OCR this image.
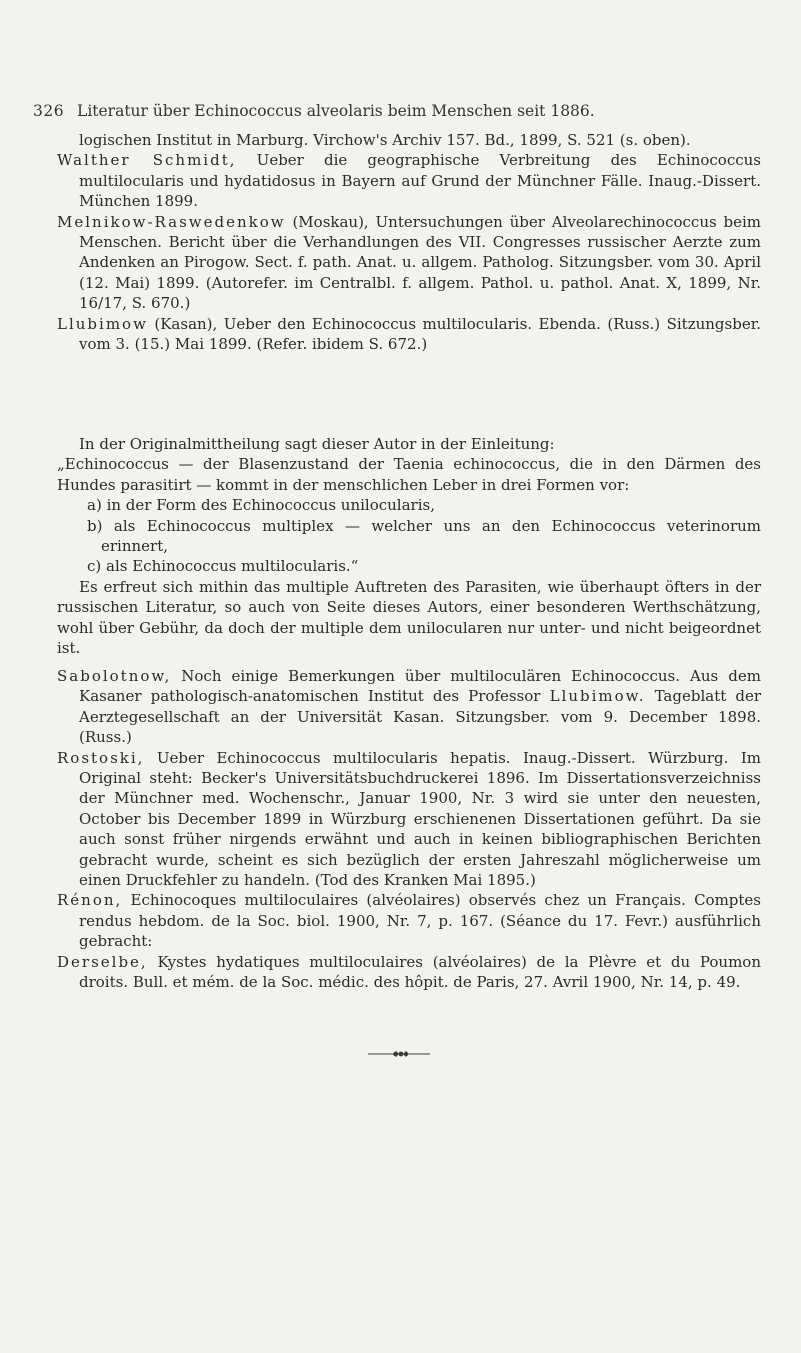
326 Literatur über Echinococcus alveolaris beim Menschen seit 1886.

logischen Institut in Marburg. Virchow's Archiv 157. Bd., 1899, S. 521 (s. oben).

Walther Schmidt, Ueber die geographische Verbreitung des Echinococcus multilocularis und hydatidosus in Bayern auf Grund der Münchner Fälle. Inaug.-Dissert. München 1899.

Melnikow-Raswedenkow (Moskau), Untersuchungen über Alveolarechinococcus beim Menschen. Bericht über die Verhandlungen des VII. Congresses russischer Aerzte zum Andenken an Pirogow. Sect. f. path. Anat. u. allgem. Patholog. Sitzungsber. vom 30. April (12. Mai) 1899. (Autorefer. im Centralbl. f. allgem. Pathol. u. pathol. Anat. X, 1899, Nr. 16/17, S. 670.)

Llubimow (Kasan), Ueber den Echinococcus multilocularis. Ebenda. (Russ.) Sitzungsber. vom 3. (15.) Mai 1899. (Refer. ibidem S. 672.)

In der Originalmittheilung sagt dieser Autor in der Einleitung:

„Echinococcus — der Blasenzustand der Taenia echinococcus, die in den Därmen des Hundes parasitirt — kommt in der menschlichen Leber in drei Formen vor:

a) in der Form des Echinococcus unilocularis,

b) als Echinococcus multiplex — welcher uns an den Echinococcus veterinorum erinnert,

c) als Echinococcus multilocularis.“

Es erfreut sich mithin das multiple Auftreten des Parasiten, wie überhaupt öfters in der russischen Literatur, so auch von Seite dieses Autors, einer besonderen Werthschätzung, wohl über Gebühr, da doch der multiple dem unilocularen nur unter- und nicht beigeordnet ist.

Sabolotnow, Noch einige Bemerkungen über multiloculären Echinococcus. Aus dem Kasaner pathologisch-anatomischen Institut des Professor Llubimow. Tageblatt der Aerztegesellschaft an der Universität Kasan. Sitzungsber. vom 9. December 1898. (Russ.)

Rostoski, Ueber Echinococcus multilocularis hepatis. Inaug.-Dissert. Würzburg. Im Original steht: Becker's Universitätsbuchdruckerei 1896. Im Dissertationsverzeichniss der Münchner med. Wochenschr., Januar 1900, Nr. 3 wird sie unter den neuesten, October bis December 1899 in Würzburg erschienenen Dissertationen geführt. Da sie auch sonst früher nirgends erwähnt und auch in keinen bibliographischen Berichten gebracht wurde, scheint es sich bezüglich der ersten Jahreszahl möglicherweise um einen Druckfehler zu handeln. (Tod des Kranken Mai 1895.)

Rénon, Echinocoques multiloculaires (alvéolaires) observés chez un Français. Comptes rendus hebdom. de la Soc. biol. 1900, Nr. 7, p. 167. (Séance du 17. Fevr.) ausführlich gebracht:

Derselbe, Kystes hydatiques multiloculaires (alvéolaires) de la Plèvre et du Poumon droits. Bull. et mém. de la Soc. médic. des hôpit. de Paris, 27. Avril 1900, Nr. 14, p. 49.
